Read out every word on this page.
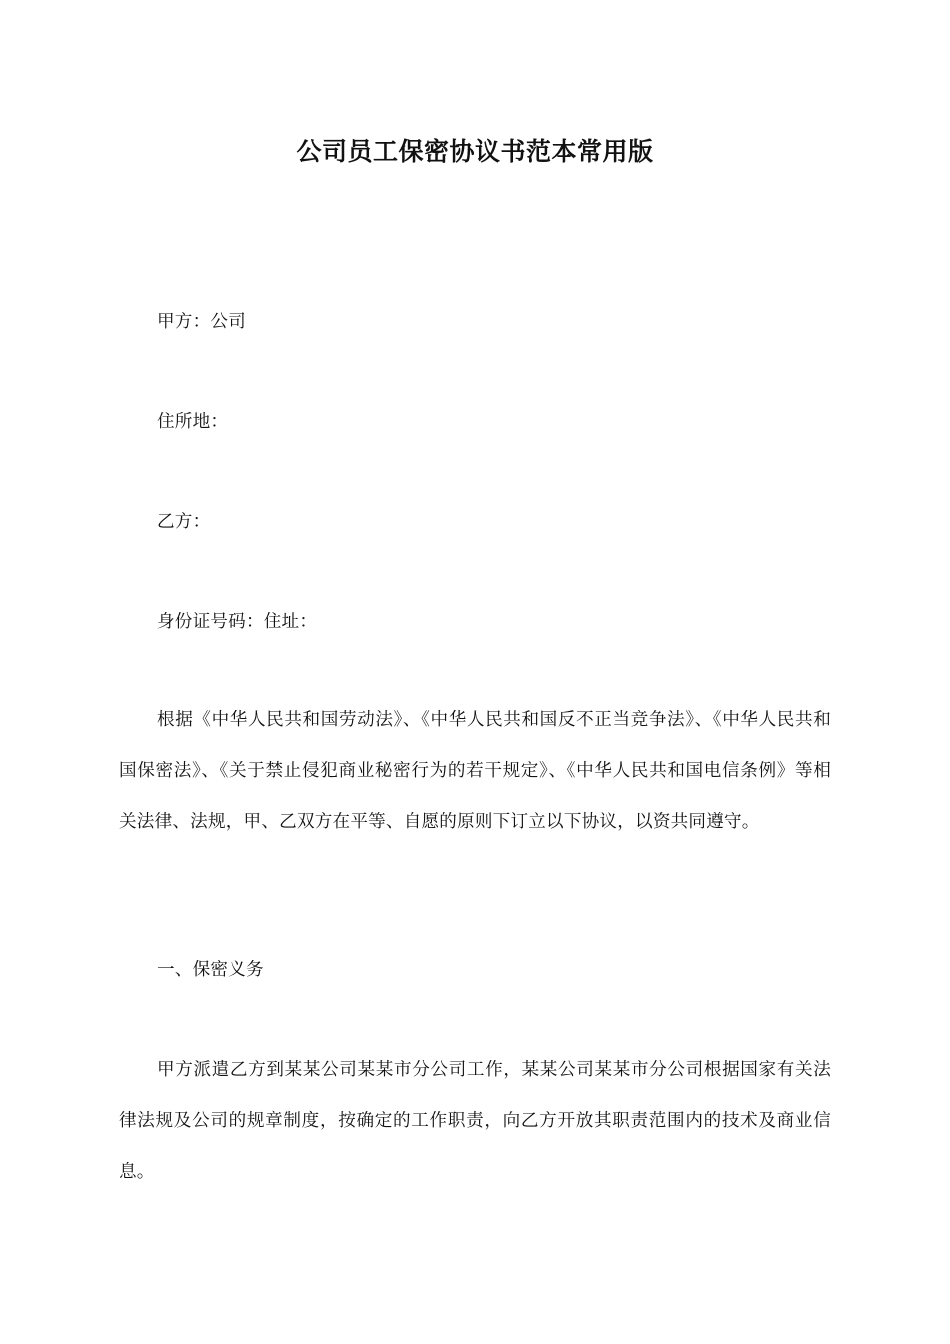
公司员工保密协议书范本常用版

甲方：公司

住所地：

乙方：

身份证号码：住址：

根据《中华人民共和国劳动法》、《中华人民共和国反不正当竞争法》、《中华人民共和国保密法》、《关于禁止侵犯商业秘密行为的若干规定》、《中华人民共和国电信条例》等相关法律、法规，甲、乙双方在平等、自愿的原则下订立以下协议，以资共同遵守。

一、保密义务

甲方派遣乙方到某某公司某某市分公司工作，某某公司某某市分公司根据国家有关法律法规及公司的规章制度，按确定的工作职责，向乙方开放其职责范围内的技术及商业信息。
